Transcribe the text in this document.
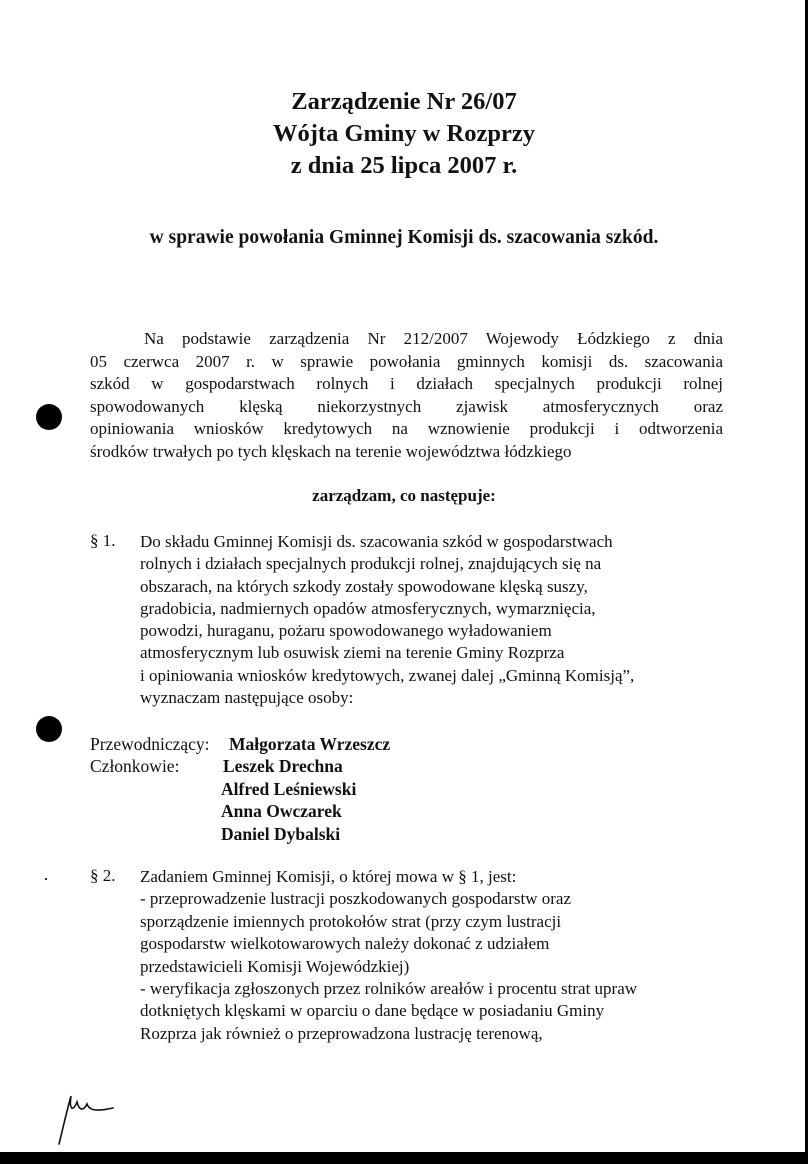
Zarządzenie Nr 26/07
Wójta Gminy w Rozprzy
z dnia 25 lipca 2007 r.
w sprawie powołania Gminnej Komisji ds. szacowania szkód.
Na podstawie zarządzenia Nr 212/2007 Wojewody Łódzkiego z dnia
05 czerwca 2007 r. w sprawie powołania gminnych komisji ds. szacowania
szkód w gospodarstwach rolnych i działach specjalnych produkcji rolnej
spowodowanych klęską niekorzystnych zjawisk atmosferycznych oraz
opiniowania wniosków kredytowych na wznowienie produkcji i odtworzenia
środków trwałych po tych klęskach na terenie województwa łódzkiego
zarządzam, co następuje:
§ 1. Do składu Gminnej Komisji ds. szacowania szkód w gospodarstwach
rolnych i działach specjalnych produkcji rolnej, znajdujących się na
obszarach, na których szkody zostały spowodowane klęską suszy,
gradobicia, nadmiernych opadów atmosferycznych, wymarznięcia,
powodzi, huraganu, pożaru spowodowanego wyładowaniem
atmosferycznym lub osuwisk ziemi na terenie Gminy Rozprza
i opiniowania wniosków kredytowych, zwanej dalej „Gminną Komisją”,
wyznaczam następujące osoby:
Przewodniczący: Małgorzata Wrzeszcz
Członkowie: Leszek Drechna
Alfred Leśniewski
Anna Owczarek
Daniel Dybalski
§ 2. Zadaniem Gminnej Komisji, o której mowa w § 1, jest:
- przeprowadzenie lustracji poszkodowanych gospodarstw oraz
sporządzenie imiennych protokołów strat (przy czym lustracji
gospodarstw wielkotowarowych należy dokonać z udziałem
przedstawicieli Komisji Wojewódzkiej)
- weryfikacja zgłoszonych przez rolników areałów i procentu strat upraw
dotkniętych klęskami w oparciu o dane będące w posiadaniu Gminy
Rozprza jak również o przeprowadzona lustrację terenową,
